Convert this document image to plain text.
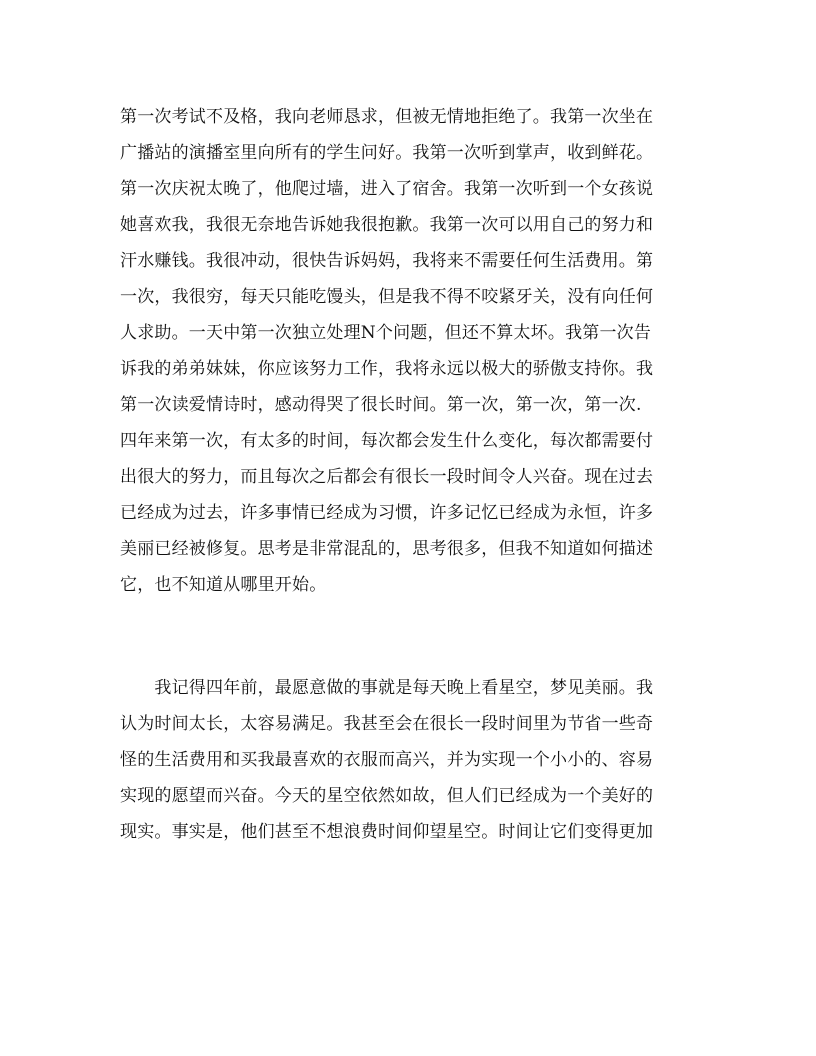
第一次考试不及格，我向老师恳求，但被无情地拒绝了。我第一次坐在
广播站的演播室里向所有的学生问好。我第一次听到掌声，收到鲜花。
第一次庆祝太晚了，他爬过墙，进入了宿舍。我第一次听到一个女孩说
她喜欢我，我很无奈地告诉她我很抱歉。我第一次可以用自己的努力和
汗水赚钱。我很冲动，很快告诉妈妈，我将来不需要任何生活费用。第
一次，我很穷，每天只能吃馒头，但是我不得不咬紧牙关，没有向任何
人求助。一天中第一次独立处理N个问题，但还不算太坏。我第一次告
诉我的弟弟妹妹，你应该努力工作，我将永远以极大的骄傲支持你。我
第一次读爱情诗时，感动得哭了很长时间。第一次，第一次，第一次.
四年来第一次，有太多的时间，每次都会发生什么变化，每次都需要付
出很大的努力，而且每次之后都会有很长一段时间令人兴奋。现在过去
已经成为过去，许多事情已经成为习惯，许多记忆已经成为永恒，许多
美丽已经被修复。思考是非常混乱的，思考很多，但我不知道如何描述
它，也不知道从哪里开始。
　　我记得四年前，最愿意做的事就是每天晚上看星空，梦见美丽。我
认为时间太长，太容易满足。我甚至会在很长一段时间里为节省一些奇
怪的生活费用和买我最喜欢的衣服而高兴，并为实现一个小小的、容易
实现的愿望而兴奋。今天的星空依然如故，但人们已经成为一个美好的
现实。事实是，他们甚至不想浪费时间仰望星空。时间让它们变得更加
